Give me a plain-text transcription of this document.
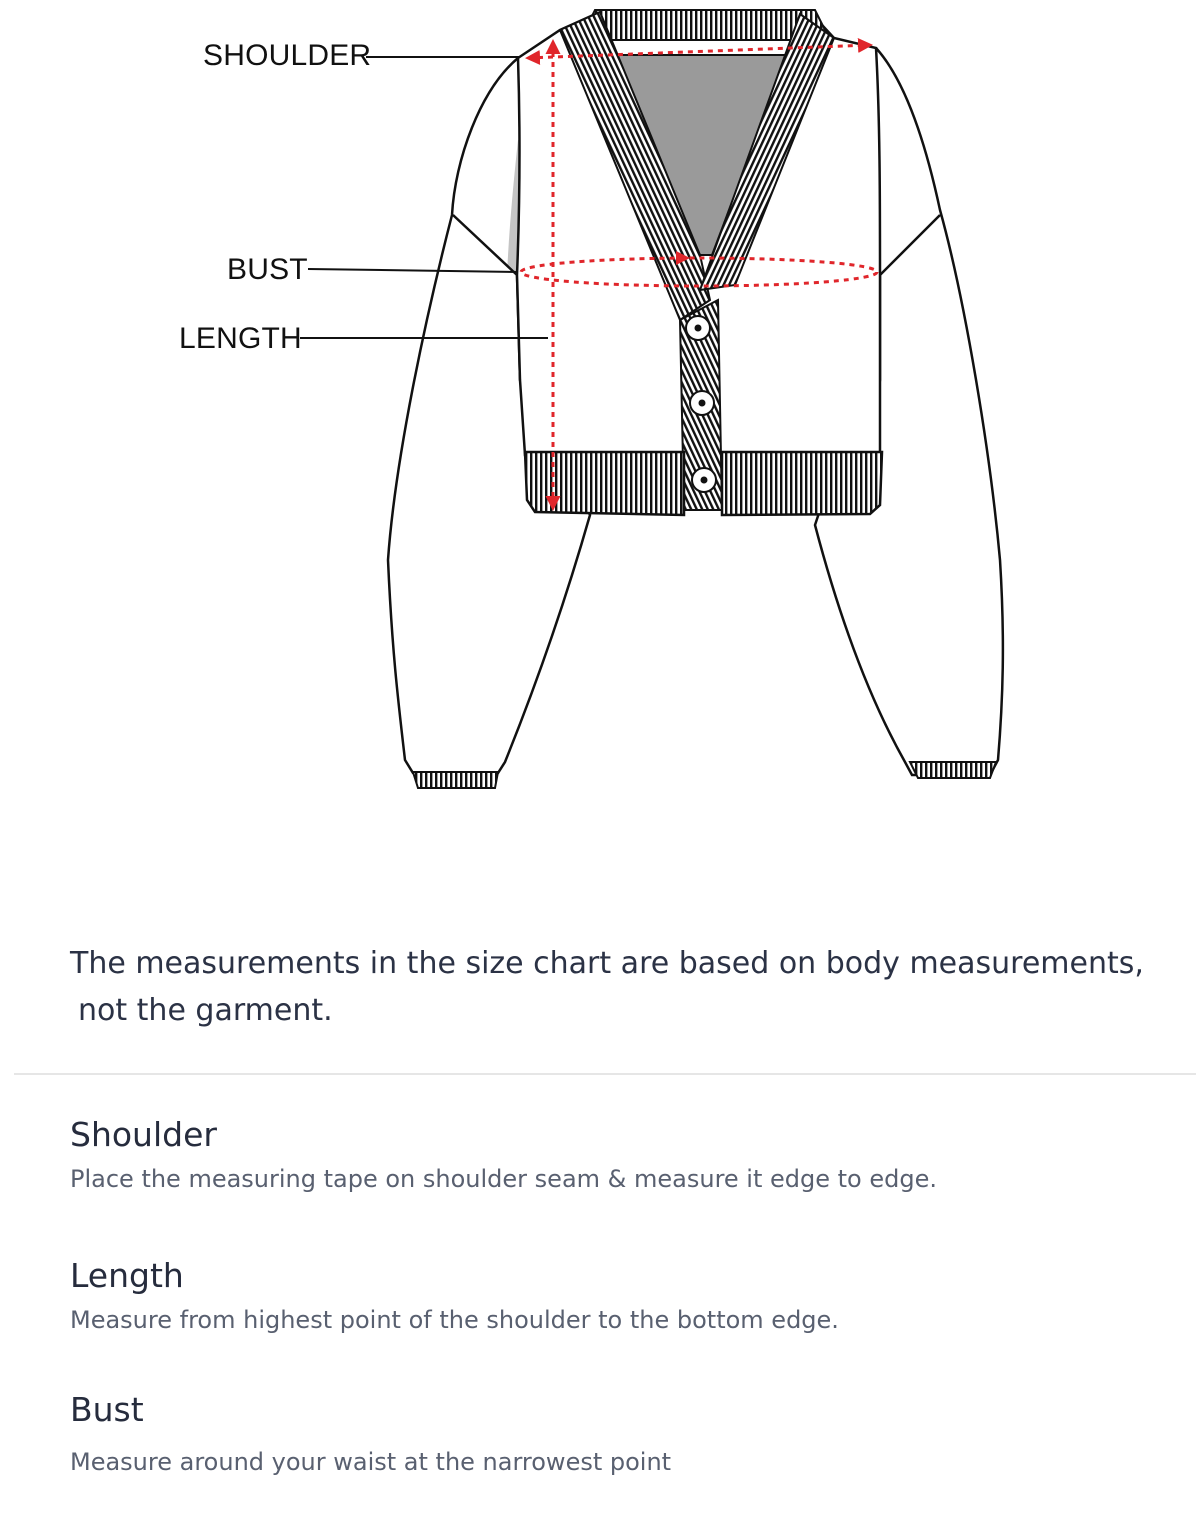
SHOULDER
BUST
LENGTH

The measurements in the size chart are based on body measurements,

not the garment.

Shoulder

Place the measuring tape on shoulder seam & measure it edge to edge.

Length

Measure from highest point of the shoulder to the bottom edge.

Bust

Measure around your waist at the narrowest point
